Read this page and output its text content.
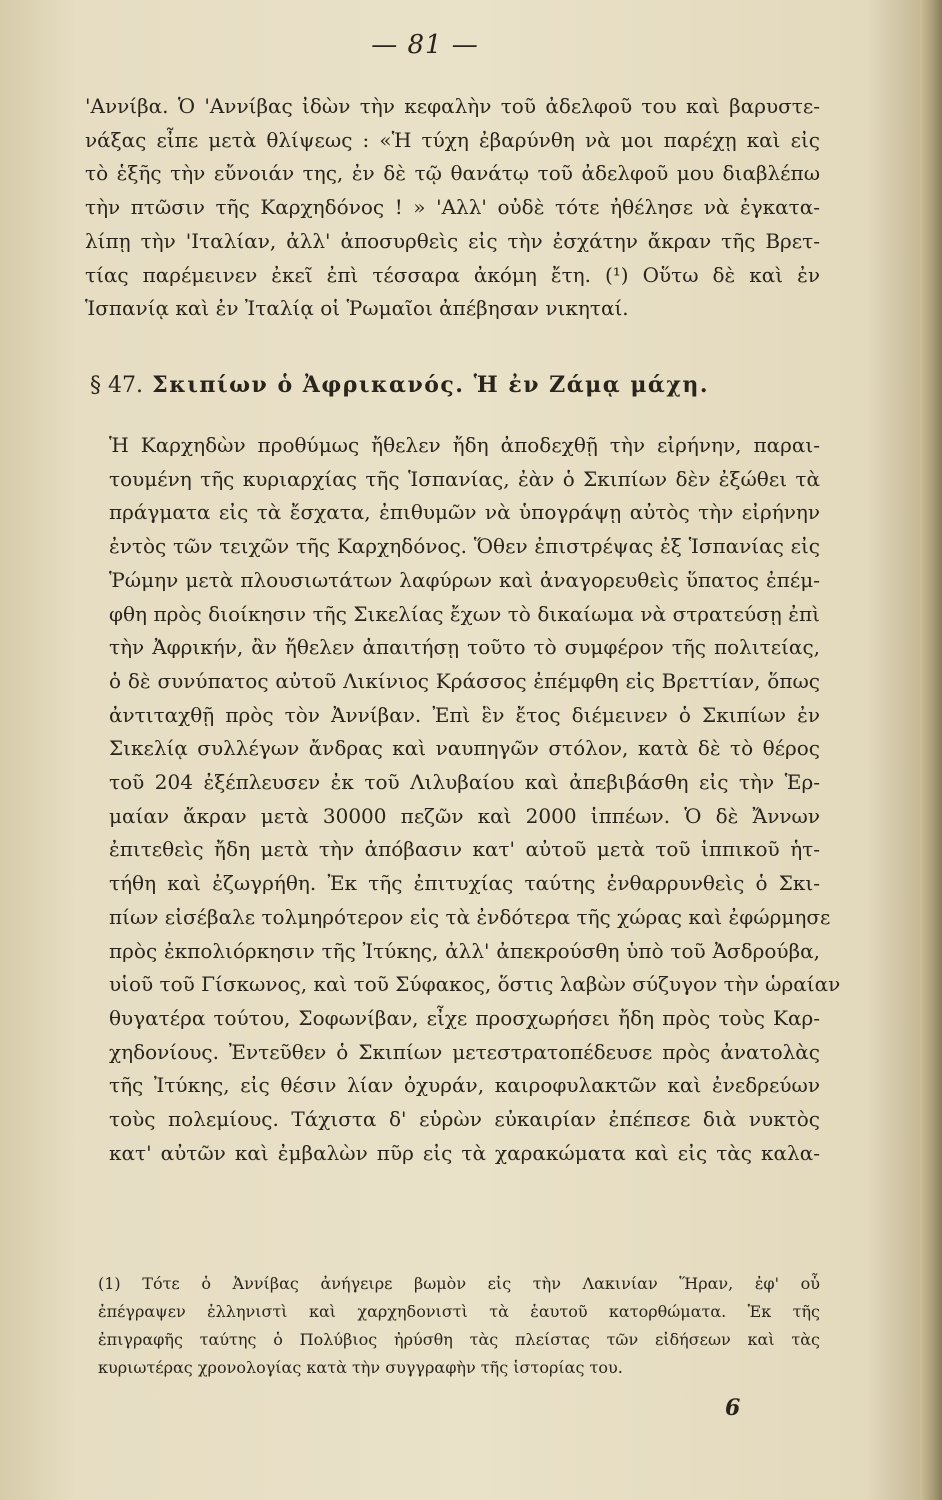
— 81 —
'Αννίβα. Ὁ 'Αννίβας ἰδὼν τὴν κεφαλὴν τοῦ ἀδελφοῦ του καὶ βαρυστε-
νάξας εἶπε μετὰ θλίψεως : «Ἡ τύχη ἐβαρύνθη νὰ μοι παρέχῃ καὶ εἰς
τὸ ἑξῆς τὴν εὔνοιάν της, ἐν δὲ τῷ θανάτῳ τοῦ ἀδελφοῦ μου διαβλέπω
τὴν πτῶσιν τῆς Καρχηδόνος ! » 'Αλλ' οὐδὲ τότε ἠθέλησε νὰ ἐγκατα-
λίπῃ τὴν 'Ιταλίαν, ἀλλ' ἀποσυρθεὶς εἰς τὴν ἐσχάτην ἄκραν τῆς Βρετ-
τίας παρέμεινεν ἐκεῖ ἐπὶ τέσσαρα ἀκόμη ἔτη. (¹) Οὕτω δὲ καὶ ἐν
Ἱσπανίᾳ καὶ ἐν Ἰταλίᾳ οἱ Ῥωμαῖοι ἀπέβησαν νικηταί.
§ 47. Σκιπίων ὁ Ἀφρικανός. Ἡ ἐν Ζάμᾳ μάχη.
Ἡ Καρχηδὼν προθύμως ἤθελεν ἤδη ἀποδεχθῇ τὴν εἰρήνην, παραι-
τουμένη τῆς κυριαρχίας τῆς Ἱσπανίας, ἐὰν ὁ Σκιπίων δὲν ἐξώθει τὰ
πράγματα εἰς τὰ ἔσχατα, ἐπιθυμῶν νὰ ὑπογράψῃ αὐτὸς τὴν εἰρήνην
ἐντὸς τῶν τειχῶν τῆς Καρχηδόνος. Ὅθεν ἐπιστρέψας ἐξ Ἱσπανίας εἰς
Ῥώμην μετὰ πλουσιωτάτων λαφύρων καὶ ἀναγορευθεὶς ὕπατος ἐπέμ-
φθη πρὸς διοίκησιν τῆς Σικελίας ἔχων τὸ δικαίωμα νὰ στρατεύσῃ ἐπὶ
τὴν Ἀφρικήν, ἂν ἤθελεν ἀπαιτήσῃ τοῦτο τὸ συμφέρον τῆς πολιτείας,
ὁ δὲ συνύπατος αὐτοῦ Λικίνιος Κράσσος ἐπέμφθη εἰς Βρεττίαν, ὅπως
ἀντιταχθῇ πρὸς τὸν Ἀννίβαν. Ἐπὶ ἓν ἔτος διέμεινεν ὁ Σκιπίων ἐν
Σικελίᾳ συλλέγων ἄνδρας καὶ ναυπηγῶν στόλον, κατὰ δὲ τὸ θέρος
τοῦ 204 ἐξέπλευσεν ἐκ τοῦ Λιλυβαίου καὶ ἀπεβιβάσθη εἰς τὴν Ἑρ-
μαίαν ἄκραν μετὰ 30000 πεζῶν καὶ 2000 ἱππέων. Ὁ δὲ Ἄννων
ἐπιτεθεὶς ἤδη μετὰ τὴν ἀπόβασιν κατ' αὐτοῦ μετὰ τοῦ ἱππικοῦ ἡτ-
τήθη καὶ ἐζωγρήθη. Ἐκ τῆς ἐπιτυχίας ταύτης ἐνθαρρυνθεὶς ὁ Σκι-
πίων εἰσέβαλε τολμηρότερον εἰς τὰ ἐνδότερα τῆς χώρας καὶ ἐφώρμησε
πρὸς ἐκπολιόρκησιν τῆς Ἰτύκης, ἀλλ' ἀπεκρούσθη ὑπὸ τοῦ Ἀσδρούβα,
υἱοῦ τοῦ Γίσκωνος, καὶ τοῦ Σύφακος, ὅστις λαβὼν σύζυγον τὴν ὡραίαν
θυγατέρα τούτου, Σοφωνίβαν, εἶχε προσχωρήσει ἤδη πρὸς τοὺς Καρ-
χηδονίους. Ἐντεῦθεν ὁ Σκιπίων μετεστρατοπέδευσε πρὸς ἀνατολὰς
τῆς Ἰτύκης, εἰς θέσιν λίαν ὀχυράν, καιροφυλακτῶν καὶ ἐνεδρεύων
τοὺς πολεμίους. Τάχιστα δ' εὑρὼν εὐκαιρίαν ἐπέπεσε διὰ νυκτὸς
κατ' αὐτῶν καὶ ἐμβαλὼν πῦρ εἰς τὰ χαρακώματα καὶ εἰς τὰς καλα-
(1) Τότε ὁ Ἀννίβας ἀνήγειρε βωμὸν εἰς τὴν Λακινίαν Ἥραν, ἐφ' οὗ
ἐπέγραψεν ἑλληνιστὶ καὶ χαρχηδονιστὶ τὰ ἑαυτοῦ κατορθώματα. Ἐκ τῆς
ἐπιγραφῆς ταύτης ὁ Πολύβιος ἠρύσθη τὰς πλείστας τῶν εἰδήσεων καὶ τὰς
κυριωτέρας χρονολογίας κατὰ τὴν συγγραφὴν τῆς ἱστορίας του.
6
